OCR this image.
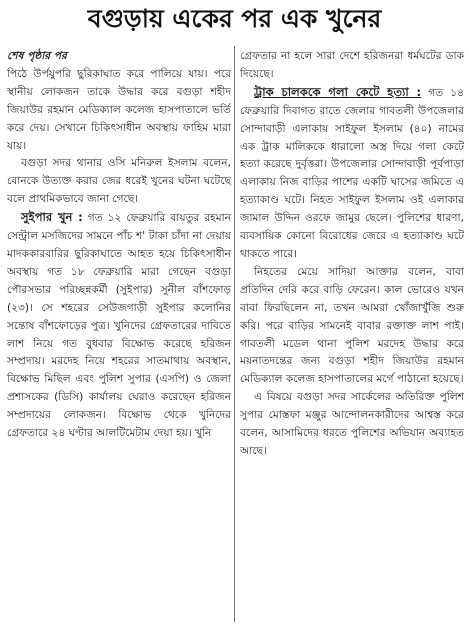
বগুড়ায় একের পর এক খুনের

শেষ পৃষ্ঠার পর

পিঠে উর্পযুপরি ছুরিকাঘাত করে পালিয়ে যায়। পরে স্থানীয় লোকজন তাকে উদ্ধার করে বগুড়া শহীদ জিয়াউর রহমান মেডিক্যাল কলেজ হাসপাতালে ভর্তি করে দেয়। সেখানে চিকিৎসাধীন অবস্থায় ফাহিম মারা যায়।

বগুড়া সদর থানার ওসি মনিরুল ইসলাম বলেন, বোনকে উত্যক্ত করার জের ধরেই খুনের ঘটনা ঘটেছে বলে প্রাথমিকভাবে জানা গেছে।

সুইপার খুন : গত ১২ ফেব্রুয়ারি বায়তুর রহমান সেন্ট্রাল মসজিদের সামনে পাঁচ শ' টাকা চাঁদা না দেয়ায় মাদককারবারির ছুরিকাঘাতে আহত হয়ে চিকিৎসাধীন অবস্থায় গত ১৮ ফেব্রুয়ারি মারা গেছেন বগুড়া পৌরসভার পরিচ্ছন্নকর্মী (সুইপার) সুনীল বাঁশফোড় (২৩)। সে শহরের সেউজগাড়ী সুইপার কলোনির সন্তোষ বাঁশফোড়ের পুত্র। খুনিদের গ্রেফতারের দাবিতে লাশ নিয়ে গত বুধবার বিক্ষোভ করেছে হরিজন সম্প্রদায়। মরদেহ নিয়ে শহরের সাতমাথায় অবস্থান, বিক্ষোভ মিছিল এবং পুলিশ সুপার (এসপি) ও জেলা প্রশাসকের (ডিসি) কার্যালয় ঘেরাও করেছেন হরিজন সম্প্রদায়ের লোকজন। বিক্ষোভ থেকে খুনিদের গ্রেফতারে ২৪ ঘণ্টার আলটিমেটাম দেয়া হয়। খুনি

গ্রেফতার না হলে সারা দেশে হরিজনরা ধর্মঘটের ডাক দিয়েছে।

ট্রাক চালককে গলা কেটে হত্যা : গত ১৪ ফেব্রুয়ারি দিবাগত রাতে জেলার গাবতলী উপজেলার সোন্দাবাড়ী এলাকায় সাইফুল ইসলাম (৪০) নামের এক ট্রাক মালিককে ধারালো অস্ত্র দিয়ে গলা কেটে হত্যা করেছে দুর্বৃত্তরা। উপজেলার সোন্দাবাড়ী পূর্বপাড়া এলাকায় নিজ বাড়ির পাশের একটি ঘাসের জমিতে এ হত্যাকাণ্ড ঘটে। নিহত সাইফুল ইসলাম ওই এলাকার জামাল উদ্দিন ওরফে জামুর ছেলে। পুলিশের ধারণা, ব্যবসায়িক কোনো বিরোধের জেরে এ হত্যাকাণ্ড ঘটে থাকতে পারে।

নিহতের মেয়ে সাদিয়া আক্তার বলেন, বাবা প্রতিদিন দেরি করে বাড়ি ফেরেন। কাল ভোরেও যখন বাবা ফিরছিলেন না, তখন আমরা খোঁজাখুঁজি শুরু করি। পরে বাড়ির সামনেই বাবার রক্তাক্ত লাশ পাই। গাবতলী মডেল থানা পুলিশ মরদেহ উদ্ধার করে ময়নাতদন্তের জন্য বগুড়া শহীদ জিয়াউর রহমান মেডিক্যাল কলেজ হাসপাতালের মর্গে পাঠানো হয়েছে।

এ বিষয়ে বগুড়া সদর সার্কেলের অতিরিক্ত পুলিশ সুপার মোস্তফা মঞ্জুর আন্দোলনকারীদের আশ্বস্ত করে বলেন, আসামিদের ধরতে পুলিশের অভিযান অব্যাহত আছে।
